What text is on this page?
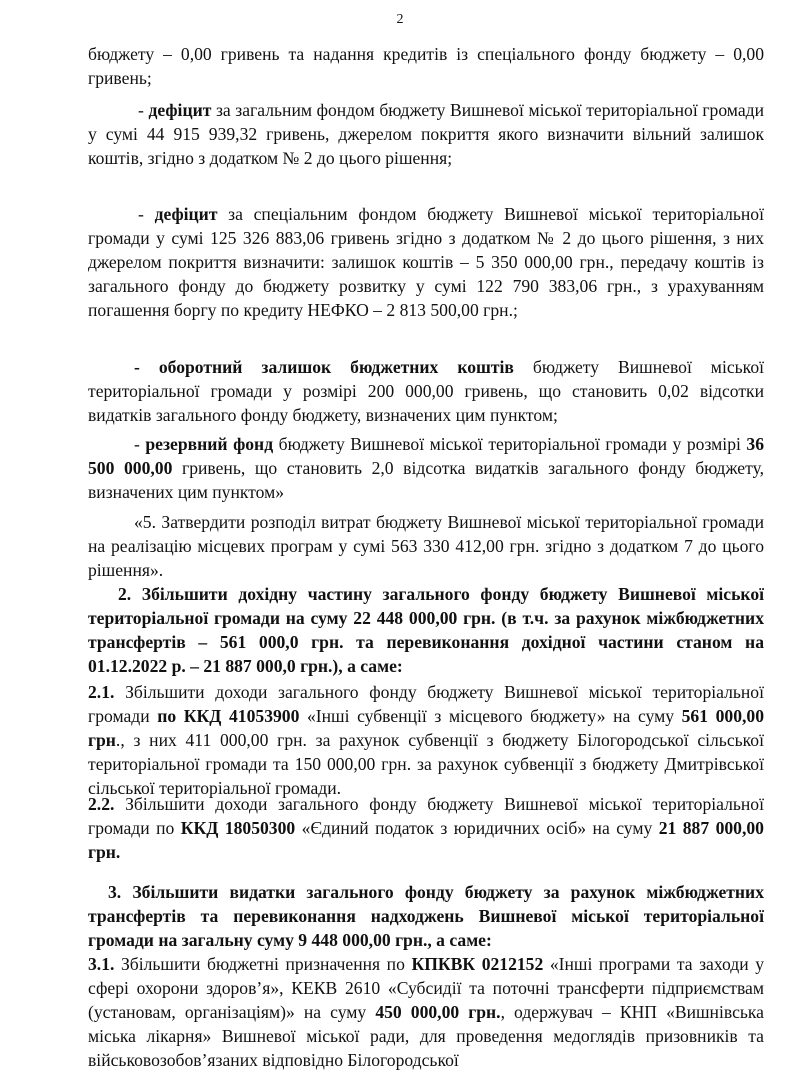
2
бюджету – 0,00 гривень та надання кредитів із спеціального фонду бюджету – 0,00 гривень;
- дефіцит за загальним фондом бюджету Вишневої міської територіальної громади у сумі 44 915 939,32 гривень, джерелом покриття якого визначити вільний залишок коштів, згідно з додатком № 2 до цього рішення;
- дефіцит за спеціальним фондом бюджету Вишневої міської територіальної громади у сумі 125 326 883,06 гривень згідно з додатком № 2 до цього рішення, з них джерелом покриття визначити: залишок коштів – 5 350 000,00 грн., передачу коштів із загального фонду до бюджету розвитку у сумі 122 790 383,06 грн., з урахуванням погашення боргу по кредиту НЕФКО – 2 813 500,00 грн.;
- оборотний залишок бюджетних коштів бюджету Вишневої міської територіальної громади у розмірі 200 000,00 гривень, що становить 0,02 відсотки видатків загального фонду бюджету, визначених цим пунктом;
- резервний фонд бюджету Вишневої міської територіальної громади у розмірі 36 500 000,00 гривень, що становить 2,0 відсотка видатків загального фонду бюджету, визначених цим пунктом»
«5. Затвердити розподіл витрат бюджету Вишневої міської територіальної громади на реалізацію місцевих програм у сумі 563 330 412,00 грн. згідно з додатком 7 до цього рішення».
2. Збільшити дохідну частину загального фонду бюджету Вишневої міської територіальної громади на суму 22 448 000,00 грн. (в т.ч. за рахунок міжбюджетних трансфертів – 561 000,0 грн. та перевиконання дохідної частини станом на 01.12.2022 р. – 21 887 000,0 грн.), а саме:
2.1. Збільшити доходи загального фонду бюджету Вишневої міської територіальної громади по ККД 41053900 «Інші субвенції з місцевого бюджету» на суму 561 000,00 грн., з них 411 000,00 грн. за рахунок субвенції з бюджету Білогородської сільської територіальної громади та 150 000,00 грн. за рахунок субвенції з бюджету Дмитрівської сільської територіальної громади.
2.2. Збільшити доходи загального фонду бюджету Вишневої міської територіальної громади по ККД 18050300 «Єдиний податок з юридичних осіб» на суму 21 887 000,00 грн.
3. Збільшити видатки загального фонду бюджету за рахунок міжбюджетних трансфертів та перевиконання надходжень Вишневої міської територіальної громади на загальну суму 9 448 000,00 грн., а саме:
3.1. Збільшити бюджетні призначення по КПКВК 0212152 «Інші програми та заходи у сфері охорони здоров’я», КЕКВ 2610 «Субсидії та поточні трансферти підприємствам (установам, організаціям)» на суму 450 000,00 грн., одержувач – КНП «Вишнівська міська лікарня» Вишневої міської ради, для проведення медоглядів призовників та військовозобов’язаних відповідно Білогородської
